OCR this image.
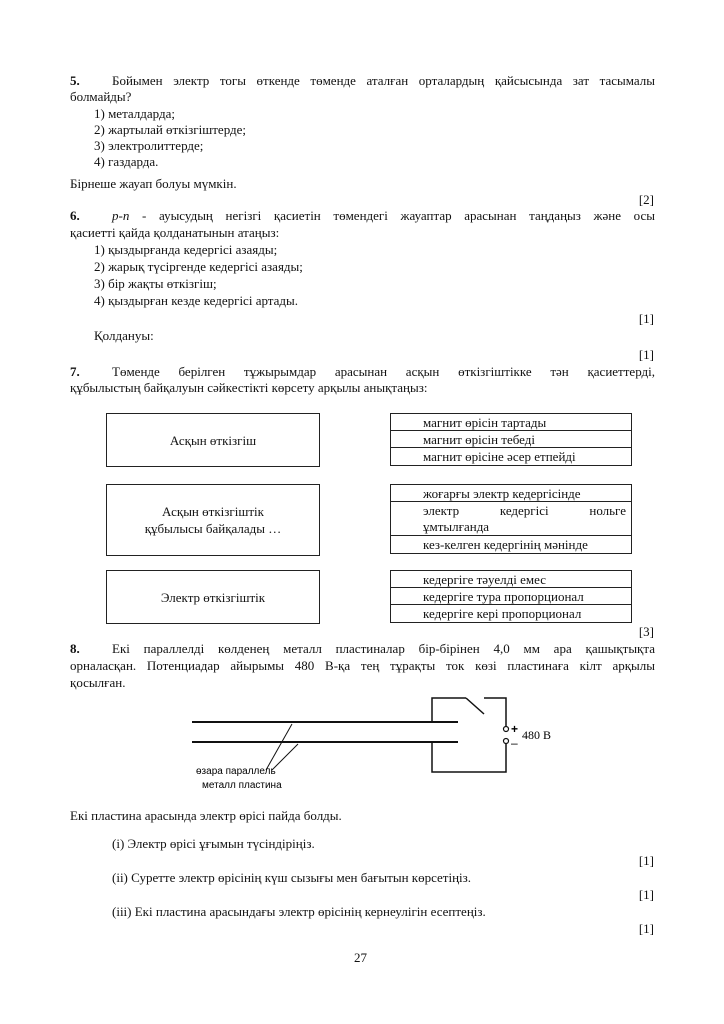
5. Бойымен электр тогы өткенде төменде аталған орталардың қайсысында зат тасымалы
болмайды?
1) металдарда;
2) жартылай өткізгіштерде;
3) электролиттерде;
4) газдарда.
Бірнеше жауап болуы мүмкін.
[2]
6. p-n - ауысудың негізгі қасиетін төмендегі жауаптар арасынан таңдаңыз және осы
қасиетті қайда қолданатынын атаңыз:
1) қыздырғанда кедергісі азаяды;
2) жарық түсіргенде кедергісі азаяды;
3) бір жақты өткізгіш;
4) қыздырған кезде кедергісі артады.
[1]
Қолдануы:
[1]
7. Төменде берілген тұжырымдар арасынан асқын өткізгіштікке тән қасиеттерді,
құбылыстың байқалуын сәйкестікті көрсету арқылы анықтаңыз:
Асқын өткізгіш
магнит өрісін тартады
магнит өрісін тебеді
магнит өрісіне әсер етпейді
Асқын өткізгіштік
құбылысы байқалады …
жоғарғы электр кедергісінде
электр кедергісі нольге
ұмтылғанда
кез-келген кедергінің мәнінде
Электр өткізгіштік
кедергіге тәуелді емес
кедергіге тура пропорционал
кедергіге кері пропорционал
[3]
8. Екі параллелді көлденең металл пластиналар бір-бірінен 4,0 мм ара қашықтықта
орналасқан. Потенциадар айырымы 480 В-қа тең тұрақты ток көзі пластинаға кілт арқылы
қосылған.
+
–
480 В
өзара параллель
металл пластина
Екі пластина арасында электр өрісі пайда болды.
(i) Электр өрісі ұғымын түсіндіріңіз.
[1]
(ii) Суретте электр өрісінің күш сызығы мен бағытын көрсетіңіз.
[1]
(iii) Екі пластина арасындағы электр өрісінің кернеулігін есептеңіз.
[1]
27
